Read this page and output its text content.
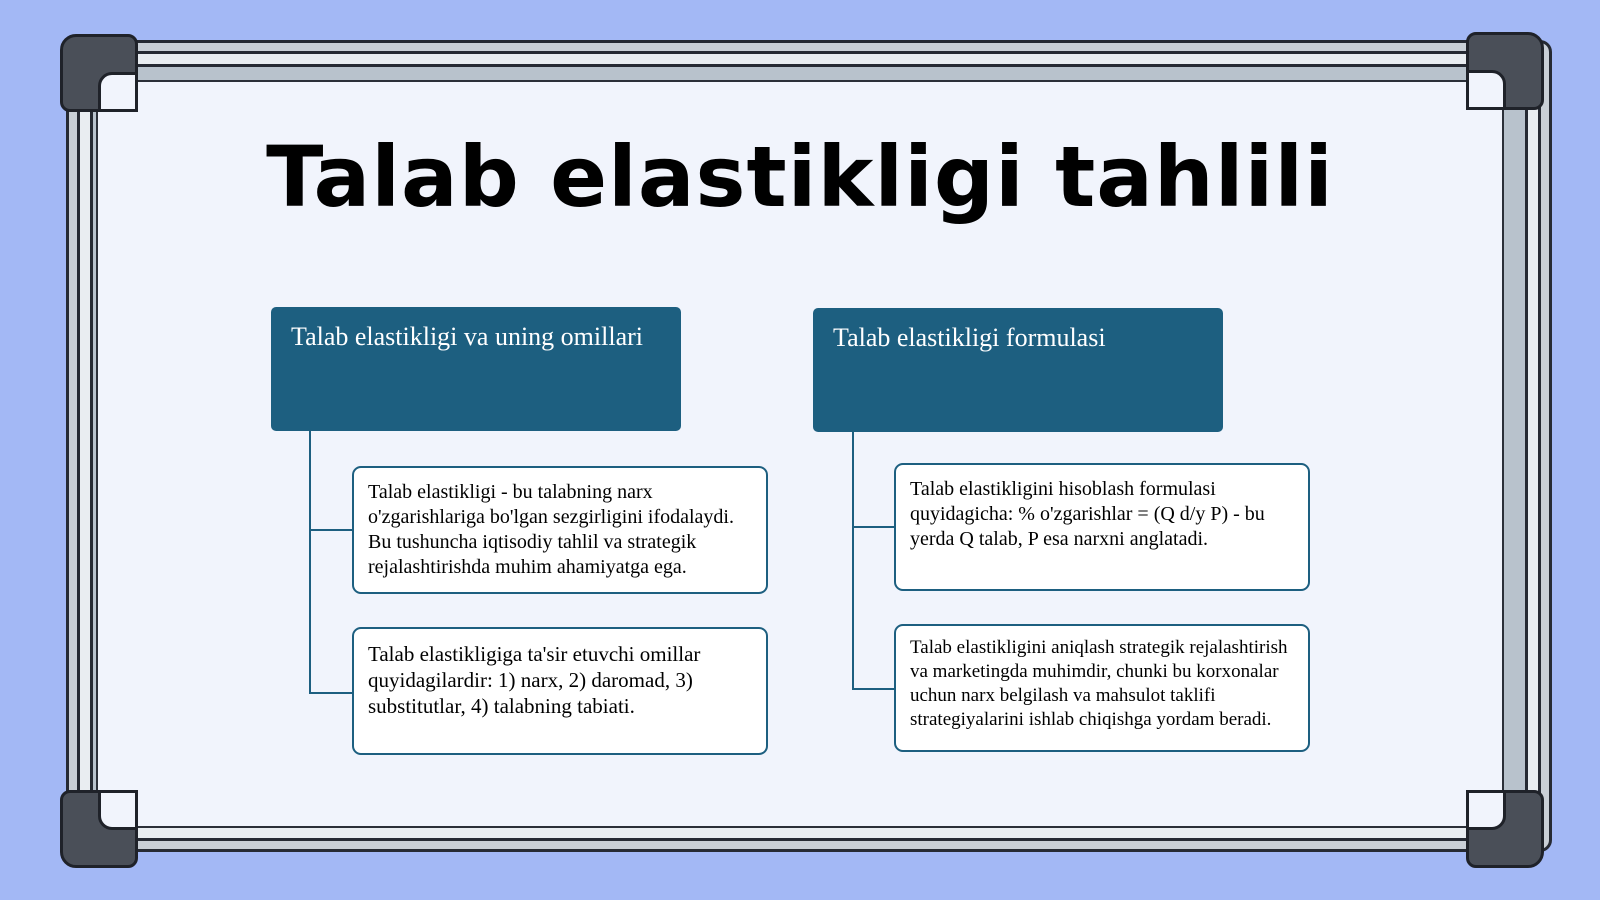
Talab elastikligi tahlili
Talab elastikligi va uning omillari
Talab elastikligi - bu talabning narx o'zgarishlariga bo'lgan sezgirligini ifodalaydi. Bu tushuncha iqtisodiy tahlil va strategik rejalashtirishda muhim ahamiyatga ega.
Talab elastikligiga ta'sir etuvchi omillar quyidagilardir: 1) narx, 2) daromad, 3) substitutlar, 4) talabning tabiati.
Talab elastikligi formulasi
Talab elastikligini hisoblash formulasi quyidagicha: % o'zgarishlar = (Q d/y P) - bu yerda Q talab, P esa narxni anglatadi.
Talab elastikligini aniqlash strategik rejalashtirish va marketingda muhimdir, chunki bu korxonalar uchun narx belgilash va mahsulot taklifi strategiyalarini ishlab chiqishga yordam beradi.
